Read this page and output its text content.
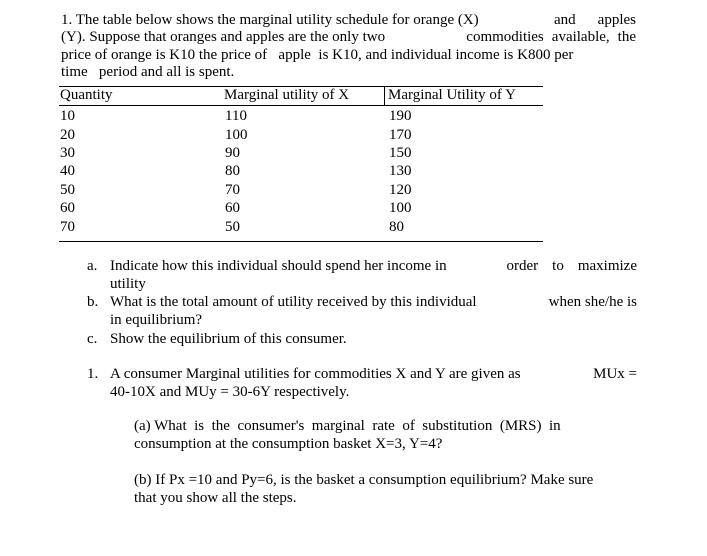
1. The table below shows the marginal utility schedule for orange (X)	and apples
(Y). Suppose that oranges and apples are the only two	commodities available, the
price of orange is K10 the price of   apple  is K10, and individual income is K800 per
time   period and all is spent.
Quantity	Marginal utility of X	Marginal Utility of Y
10	110	190
20	100	170
30	90	150
40	80	130
50	70	120
60	60	100
70	50	80
a. Indicate how this individual should spend her income in	order to maximize
utility
b. What is the total amount of utility received by this individual	when she/he is
in equilibrium?
c. Show the equilibrium of this consumer.
1. A consumer Marginal utilities for commodities X and Y are given as	MUx =
40-10X and MUy = 30-6Y respectively.
(a) What  is  the  consumer's  marginal  rate  of  substitution  (MRS)  in
consumption at the consumption basket X=3, Y=4?
(b) If Px =10 and Py=6, is the basket a consumption equilibrium? Make sure
that you show all the steps.
